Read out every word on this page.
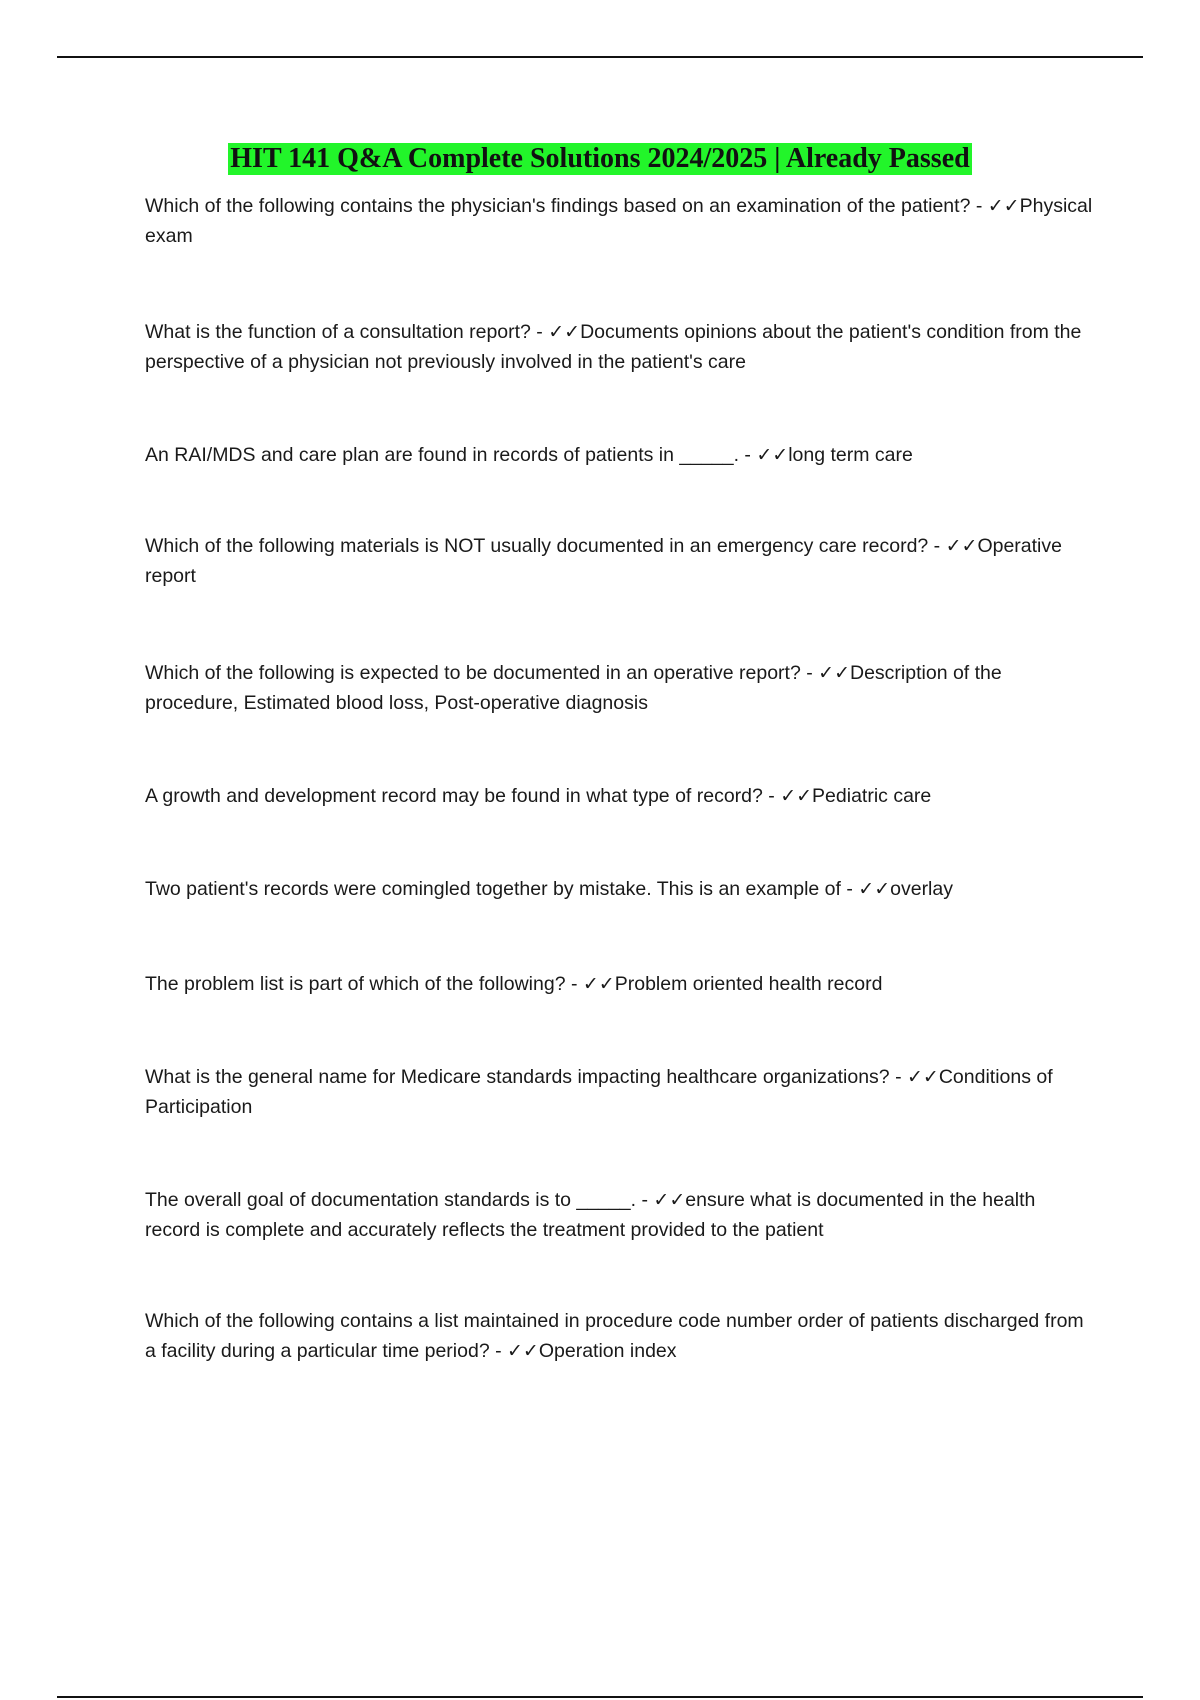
HIT 141 Q&A Complete Solutions 2024/2025 | Already Passed
Which of the following contains the physician's findings based on an examination of the patient? - ✓✓Physical exam
What is the function of a consultation report? - ✓✓Documents opinions about the patient's condition from the perspective of a physician not previously involved in the patient's care
An RAI/MDS and care plan are found in records of patients in _____. - ✓✓long term care
Which of the following materials is NOT usually documented in an emergency care record? - ✓✓Operative report
Which of the following is expected to be documented in an operative report? - ✓✓Description of the procedure, Estimated blood loss, Post-operative diagnosis
A growth and development record may be found in what type of record? - ✓✓Pediatric care
Two patient's records were comingled together by mistake. This is an example of - ✓✓overlay
The problem list is part of which of the following? - ✓✓Problem oriented health record
What is the general name for Medicare standards impacting healthcare organizations? - ✓✓Conditions of Participation
The overall goal of documentation standards is to _____. - ✓✓ensure what is documented in the health record is complete and accurately reflects the treatment provided to the patient
Which of the following contains a list maintained in procedure code number order of patients discharged from a facility during a particular time period? - ✓✓Operation index
